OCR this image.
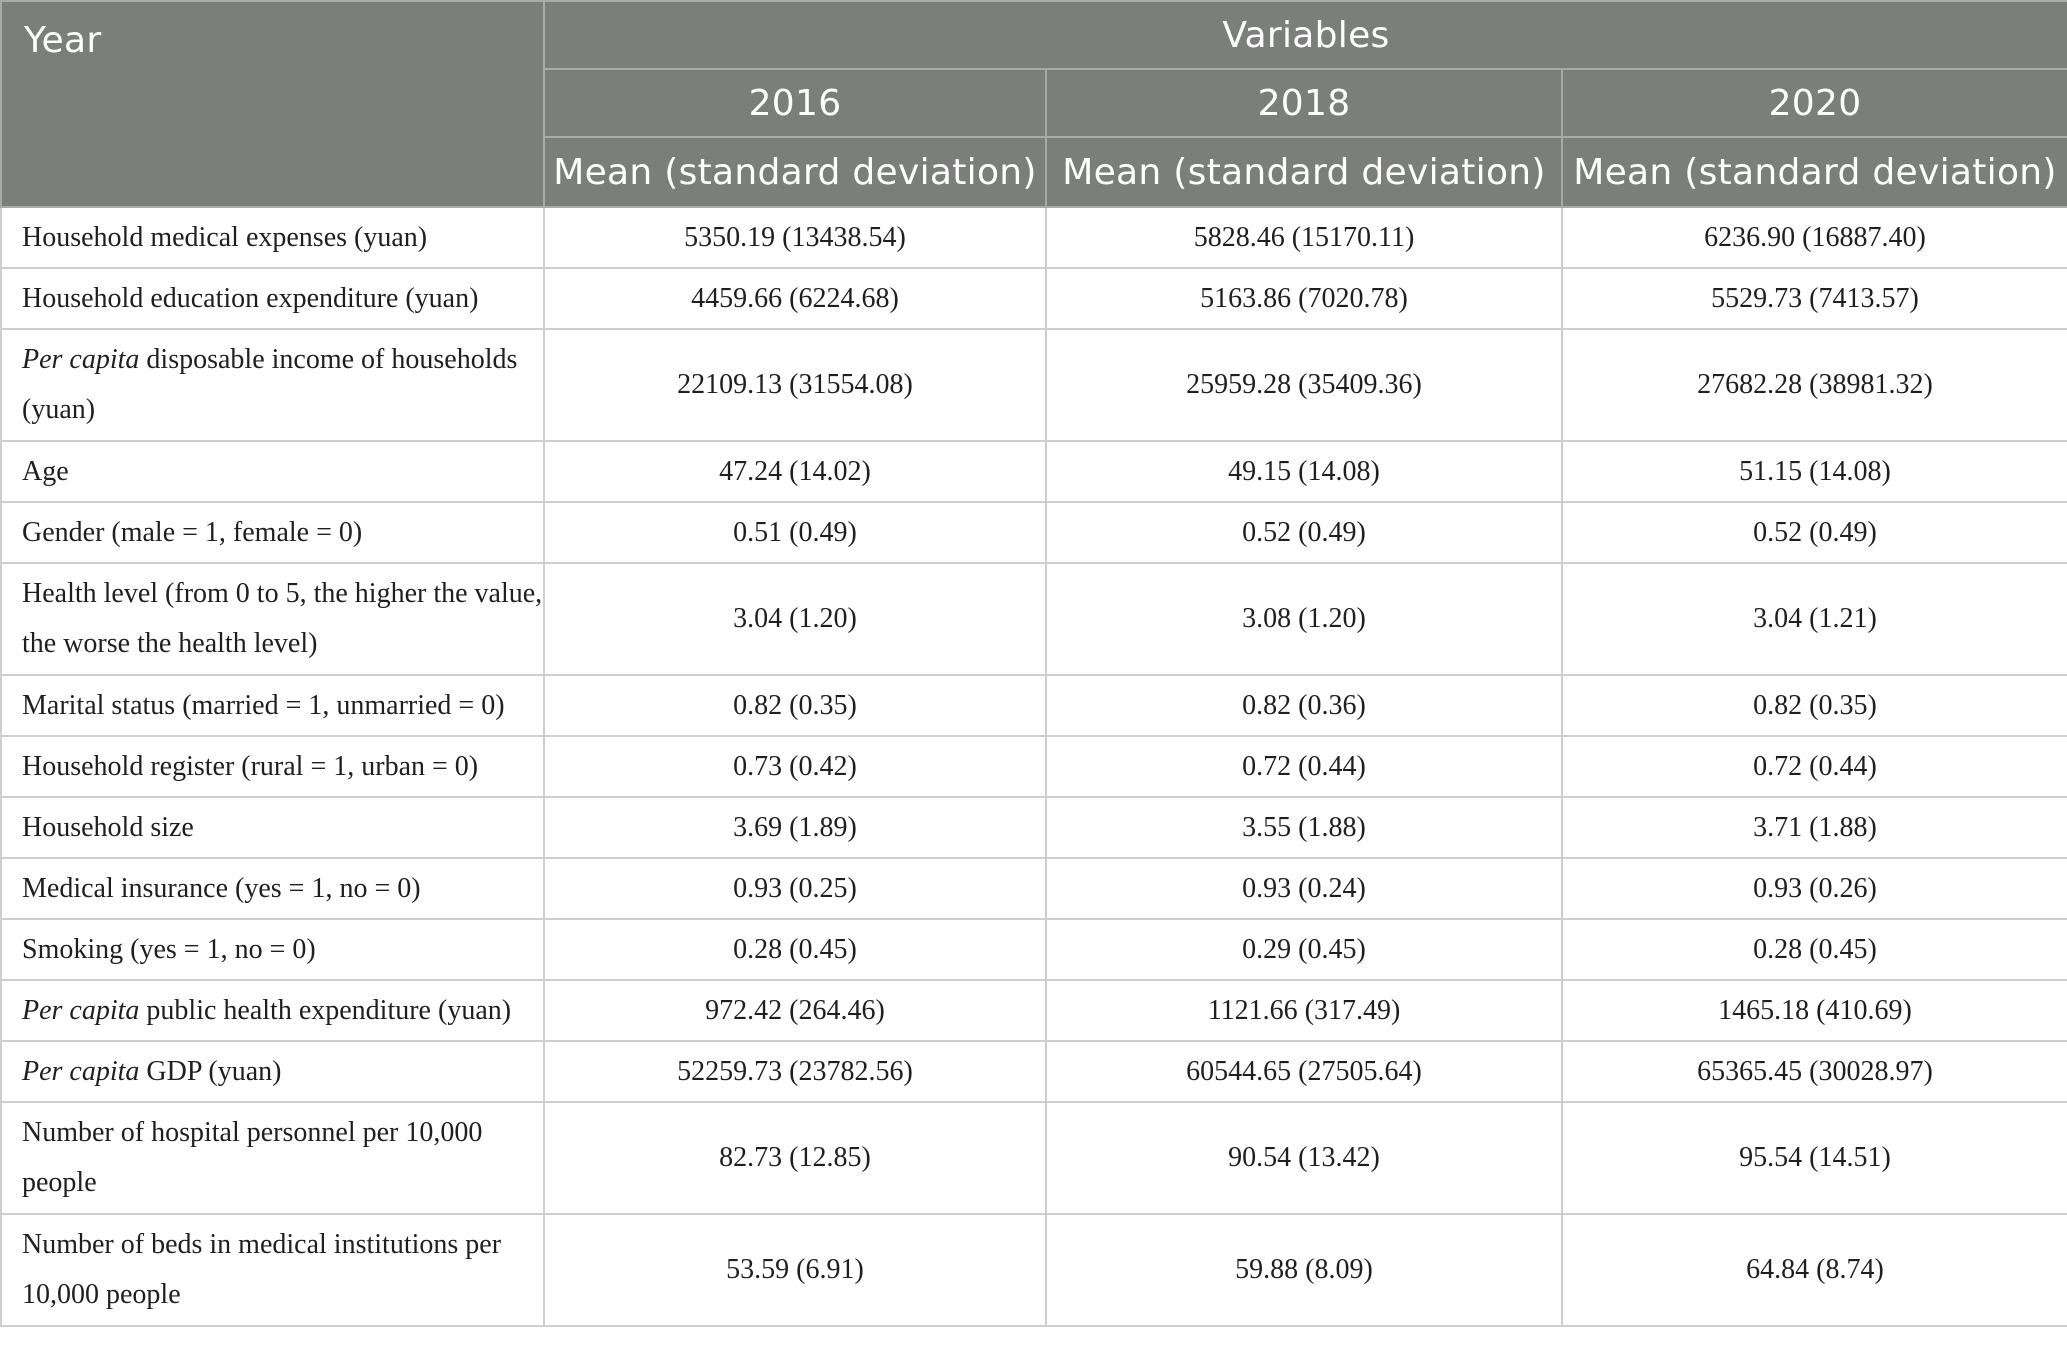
Year	Variables		
	2016	2018	2020
	Mean (standard deviation)	Mean (standard deviation)	Mean (standard deviation)
Household medical expenses (yuan)	5350.19 (13438.54)	5828.46 (15170.11)	6236.90 (16887.40)
Household education expenditure (yuan)	4459.66 (6224.68)	5163.86 (7020.78)	5529.73 (7413.57)
Per capita disposable income of households (yuan)	22109.13 (31554.08)	25959.28 (35409.36)	27682.28 (38981.32)
Age	47.24 (14.02)	49.15 (14.08)	51.15 (14.08)
Gender (male = 1, female = 0)	0.51 (0.49)	0.52 (0.49)	0.52 (0.49)
Health level (from 0 to 5, the higher the value, the worse the health level)	3.04 (1.20)	3.08 (1.20)	3.04 (1.21)
Marital status (married = 1, unmarried = 0)	0.82 (0.35)	0.82 (0.36)	0.82 (0.35)
Household register (rural = 1, urban = 0)	0.73 (0.42)	0.72 (0.44)	0.72 (0.44)
Household size	3.69 (1.89)	3.55 (1.88)	3.71 (1.88)
Medical insurance (yes = 1, no = 0)	0.93 (0.25)	0.93 (0.24)	0.93 (0.26)
Smoking (yes = 1, no = 0)	0.28 (0.45)	0.29 (0.45)	0.28 (0.45)
Per capita public health expenditure (yuan)	972.42 (264.46)	1121.66 (317.49)	1465.18 (410.69)
Per capita GDP (yuan)	52259.73 (23782.56)	60544.65 (27505.64)	65365.45 (30028.97)
Number of hospital personnel per 10,000 people	82.73 (12.85)	90.54 (13.42)	95.54 (14.51)
Number of beds in medical institutions per 10,000 people	53.59 (6.91)	59.88 (8.09)	64.84 (8.74)
